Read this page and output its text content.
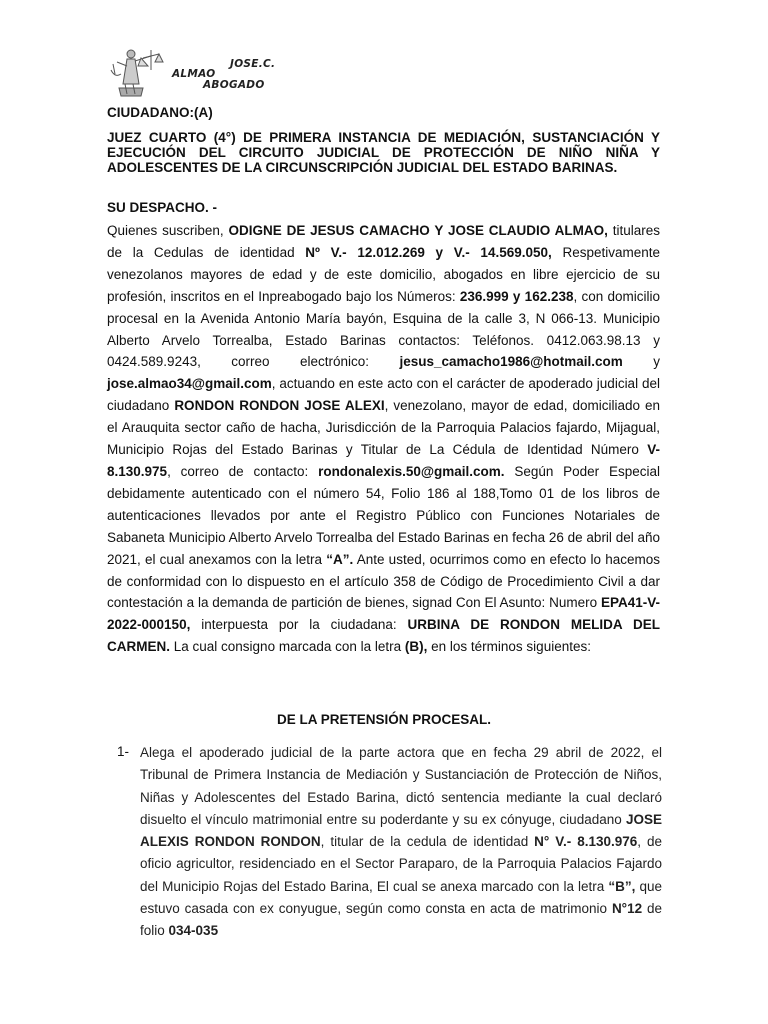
JOSE.C.
ALMAO
ABOGADO
CIUDADANO:(A)
JUEZ CUARTO (4°) DE PRIMERA INSTANCIA DE MEDIACIÓN, SUSTANCIACIÓN Y EJECUCIÓN DEL CIRCUITO JUDICIAL DE PROTECCIÓN DE NIÑO NIÑA Y ADOLESCENTES DE LA CIRCUNSCRIPCIÓN JUDICIAL DEL ESTADO BARINAS.
SU DESPACHO. -
Quienes suscriben, ODIGNE DE JESUS CAMACHO Y JOSE CLAUDIO ALMAO, titulares de la Cedulas de identidad Nº V.- 12.012.269 y V.- 14.569.050, Respetivamente venezolanos mayores de edad y de este domicilio, abogados en libre ejercicio de su profesión, inscritos en el Inpreabogado bajo los Números: 236.999 y 162.238, con domicilio procesal en la Avenida Antonio María bayón, Esquina de la calle 3, N 066-13. Municipio Alberto Arvelo Torrealba, Estado Barinas contactos: Teléfonos. 0412.063.98.13 y 0424.589.9243, correo electrónico: jesus_camacho1986@hotmail.com y jose.almao34@gmail.com, actuando en este acto con el carácter de apoderado judicial del ciudadano RONDON RONDON JOSE ALEXI, venezolano, mayor de edad, domiciliado en el Arauquita sector caño de hacha, Jurisdicción de la Parroquia Palacios fajardo, Mijagual, Municipio Rojas del Estado Barinas y Titular de La Cédula de Identidad Número V-8.130.975, correo de contacto: rondonalexis.50@gmail.com. Según Poder Especial debidamente autenticado con el número 54, Folio 186 al 188,Tomo 01 de los libros de autenticaciones llevados por ante el Registro Público con Funciones Notariales de Sabaneta Municipio Alberto Arvelo Torrealba del Estado Barinas en fecha 26 de abril del año 2021, el cual anexamos con la letra “A”. Ante usted, ocurrimos como en efecto lo hacemos de conformidad con lo dispuesto en el artículo 358 de Código de Procedimiento Civil a dar contestación a la demanda de partición de bienes, signad Con El Asunto: Numero EPA41-V-2022-000150, interpuesta por la ciudadana: URBINA DE RONDON MELIDA DEL CARMEN. La cual consigno marcada con la letra (B), en los términos siguientes:
DE LA PRETENSIÓN PROCESAL.
1- Alega el apoderado judicial de la parte actora que en fecha 29 abril de 2022, el Tribunal de Primera Instancia de Mediación y Sustanciación de Protección de Niños, Niñas y Adolescentes del Estado Barina, dictó sentencia mediante la cual declaró disuelto el vínculo matrimonial entre su poderdante y su ex cónyuge, ciudadano JOSE ALEXIS RONDON RONDON, titular de la cedula de identidad N° V.- 8.130.976, de oficio agricultor, residenciado en el Sector Paraparo, de la Parroquia Palacios Fajardo del Municipio Rojas del Estado Barina, El cual se anexa marcado con la letra “B”, que estuvo casada con ex conyugue, según como consta en acta de matrimonio N°12 de folio 034-035
